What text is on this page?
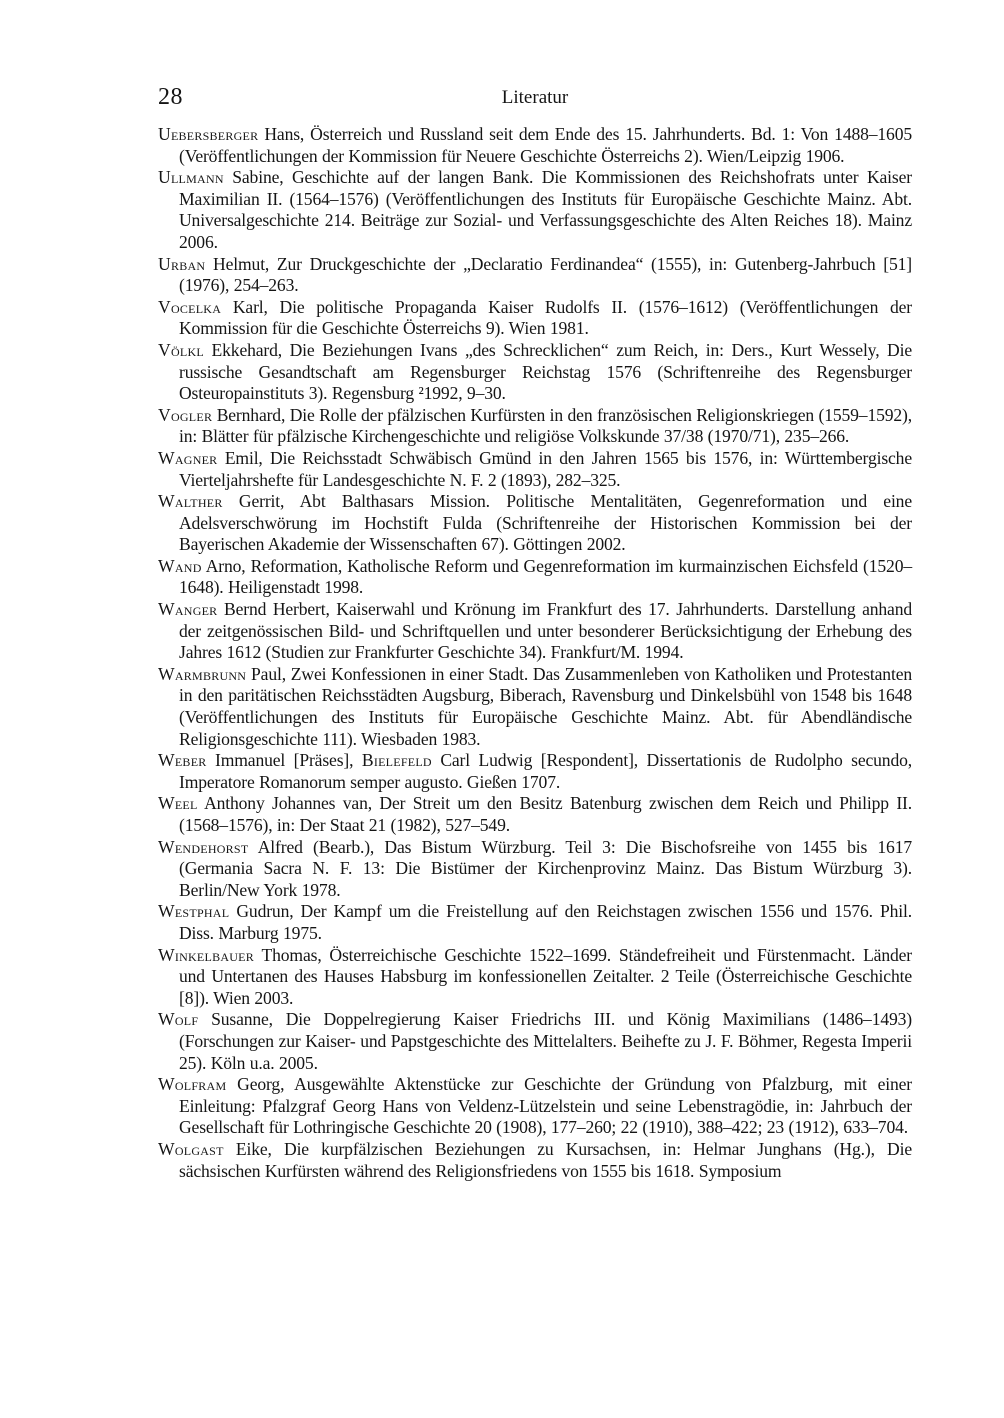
28	Literatur

Uebersberger Hans, Österreich und Russland seit dem Ende des 15. Jahrhunderts. Bd. 1: Von 1488–1605 (Veröffentlichungen der Kommission für Neuere Geschichte Österreichs 2). Wien/Leipzig 1906.

Ullmann Sabine, Geschichte auf der langen Bank. Die Kommissionen des Reichshofrats unter Kaiser Maximilian II. (1564–1576) (Veröffentlichungen des Instituts für Europäische Geschichte Mainz. Abt. Universalgeschichte 214. Beiträge zur Sozial- und Verfassungsgeschichte des Alten Reiches 18). Mainz 2006.

Urban Helmut, Zur Druckgeschichte der „Declaratio Ferdinandea“ (1555), in: Gutenberg-Jahrbuch [51] (1976), 254–263.

Vocelka Karl, Die politische Propaganda Kaiser Rudolfs II. (1576–1612) (Veröffentlichungen der Kommission für die Geschichte Österreichs 9). Wien 1981.

Völkl Ekkehard, Die Beziehungen Ivans „des Schrecklichen“ zum Reich, in: Ders., Kurt Wessely, Die russische Gesandtschaft am Regensburger Reichstag 1576 (Schriftenreihe des Regensburger Osteuropainstituts 3). Regensburg ²1992, 9–30.

Vogler Bernhard, Die Rolle der pfälzischen Kurfürsten in den französischen Religionskriegen (1559–1592), in: Blätter für pfälzische Kirchengeschichte und religiöse Volkskunde 37/38 (1970/71), 235–266.

Wagner Emil, Die Reichsstadt Schwäbisch Gmünd in den Jahren 1565 bis 1576, in: Württembergische Vierteljahrshefte für Landesgeschichte N. F. 2 (1893), 282–325.

Walther Gerrit, Abt Balthasars Mission. Politische Mentalitäten, Gegenreformation und eine Adelsverschwörung im Hochstift Fulda (Schriftenreihe der Historischen Kommission bei der Bayerischen Akademie der Wissenschaften 67). Göttingen 2002.

Wand Arno, Reformation, Katholische Reform und Gegenreformation im kurmainzischen Eichsfeld (1520–1648). Heiligenstadt 1998.

Wanger Bernd Herbert, Kaiserwahl und Krönung im Frankfurt des 17. Jahrhunderts. Darstellung anhand der zeitgenössischen Bild- und Schriftquellen und unter besonderer Berücksichtigung der Erhebung des Jahres 1612 (Studien zur Frankfurter Geschichte 34). Frankfurt/M. 1994.

Warmbrunn Paul, Zwei Konfessionen in einer Stadt. Das Zusammenleben von Katholiken und Protestanten in den paritätischen Reichsstädten Augsburg, Biberach, Ravensburg und Dinkelsbühl von 1548 bis 1648 (Veröffentlichungen des Instituts für Europäische Geschichte Mainz. Abt. für Abendländische Religionsgeschichte 111). Wiesbaden 1983.

Weber Immanuel [Präses], Bielefeld Carl Ludwig [Respondent], Dissertationis de Rudolpho secundo, Imperatore Romanorum semper augusto. Gießen 1707.

Weel Anthony Johannes van, Der Streit um den Besitz Batenburg zwischen dem Reich und Philipp II. (1568–1576), in: Der Staat 21 (1982), 527–549.

Wendehorst Alfred (Bearb.), Das Bistum Würzburg. Teil 3: Die Bischofsreihe von 1455 bis 1617 (Germania Sacra N. F. 13: Die Bistümer der Kirchenprovinz Mainz. Das Bistum Würzburg 3). Berlin/New York 1978.

Westphal Gudrun, Der Kampf um die Freistellung auf den Reichstagen zwischen 1556 und 1576. Phil. Diss. Marburg 1975.

Winkelbauer Thomas, Österreichische Geschichte 1522–1699. Ständefreiheit und Fürstenmacht. Länder und Untertanen des Hauses Habsburg im konfessionellen Zeitalter. 2 Teile (Österreichische Geschichte [8]). Wien 2003.

Wolf Susanne, Die Doppelregierung Kaiser Friedrichs III. und König Maximilians (1486–1493) (Forschungen zur Kaiser- und Papstgeschichte des Mittelalters. Beihefte zu J. F. Böhmer, Regesta Imperii 25). Köln u.a. 2005.

Wolfram Georg, Ausgewählte Aktenstücke zur Geschichte der Gründung von Pfalzburg, mit einer Einleitung: Pfalzgraf Georg Hans von Veldenz-Lützelstein und seine Lebenstragödie, in: Jahrbuch der Gesellschaft für Lothringische Geschichte 20 (1908), 177–260; 22 (1910), 388–422; 23 (1912), 633–704.

Wolgast Eike, Die kurpfälzischen Beziehungen zu Kursachsen, in: Helmar Junghans (Hg.), Die sächsischen Kurfürsten während des Religionsfriedens von 1555 bis 1618. Symposium
